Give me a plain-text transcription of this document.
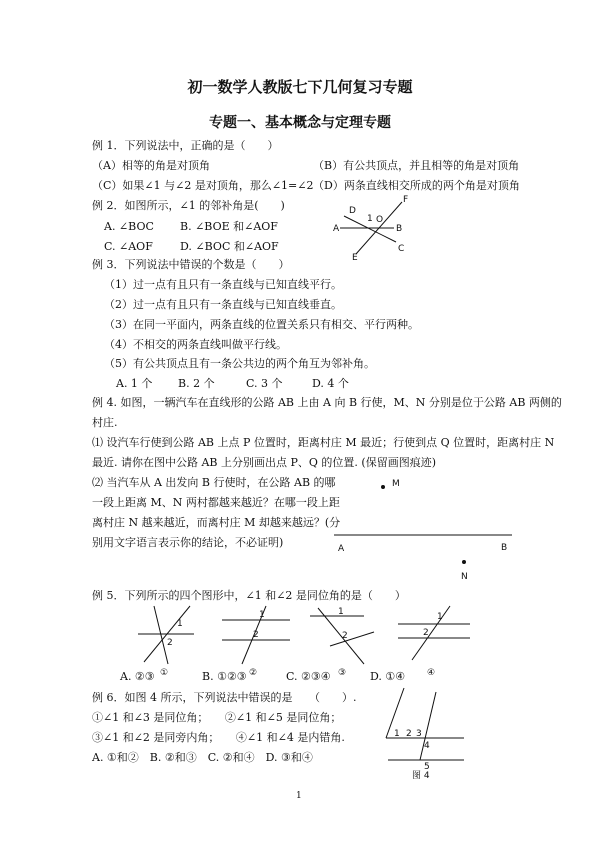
初一数学人教版七下几何复习专题
专题一、基本概念与定理专题
例 1．下列说法中，正确的是（　　）
（A）相等的角是对顶角	（B）有公共顶点，并且相等的角是对顶角
（C）如果∠1 与∠2 是对顶角，那么∠1=∠2 （D）两条直线相交所成的两个角是对顶角
例 2．如图所示，∠1 的邻补角是(　　)
A. ∠BOC B. ∠BOE 和∠AOF
C. ∠AOF D. ∠BOC 和∠AOF
D
F
O
1
A	B
C
E
例 3．下列说法中错误的个数是（　　）
（1）过一点有且只有一条直线与已知直线平行。
（2）过一点有且只有一条直线与已知直线垂直。
（3）在同一平面内，两条直线的位置关系只有相交、平行两种。
（4）不相交的两条直线叫做平行线。
（5）有公共顶点且有一条公共边的两个角互为邻补角。
A. 1 个 B. 2 个	C. 3 个	D. 4 个
例 4. 如图，一辆汽车在直线形的公路 AB 上由 A 向 B 行使，M、N 分别是位于公路 AB 两侧的
村庄.
⑴ 设汽车行使到公路 AB 上点 P 位置时，距离村庄 M 最近；行使到点 Q 位置时，距离村庄 N
最近. 请你在图中公路 AB 上分别画出点 P、Q 的位置. (保留画图痕迹)
⑵ 当汽车从 A 出发向 B 行使时，在公路 AB 的哪
一段上距离 M、N 两村都越来越近？在哪一段上距
离村庄 N 越来越近，而离村庄 M 却越来越远？(分
别用文字语言表示你的结论，不必证明)
M
A	B
N
例 5．下列所示的四个图形中，∠1 和∠2 是同位角的是（　　）
1
2
①
1
2
②
1
2
③
1
2
④
A. ②③	B. ①②③	C. ②③④	D. ①④
例 6．如图 4 所示，下列说法中错误的是　　（　　）.
①∠1 和∠3 是同位角；　　②∠1 和∠5 是同位角；
③∠1 和∠2 是同旁内角；　　④∠1 和∠4 是内错角.
A. ①和②　B. ②和③　C. ②和④　D. ③和④
1 2 3
4
5
图 4
1
